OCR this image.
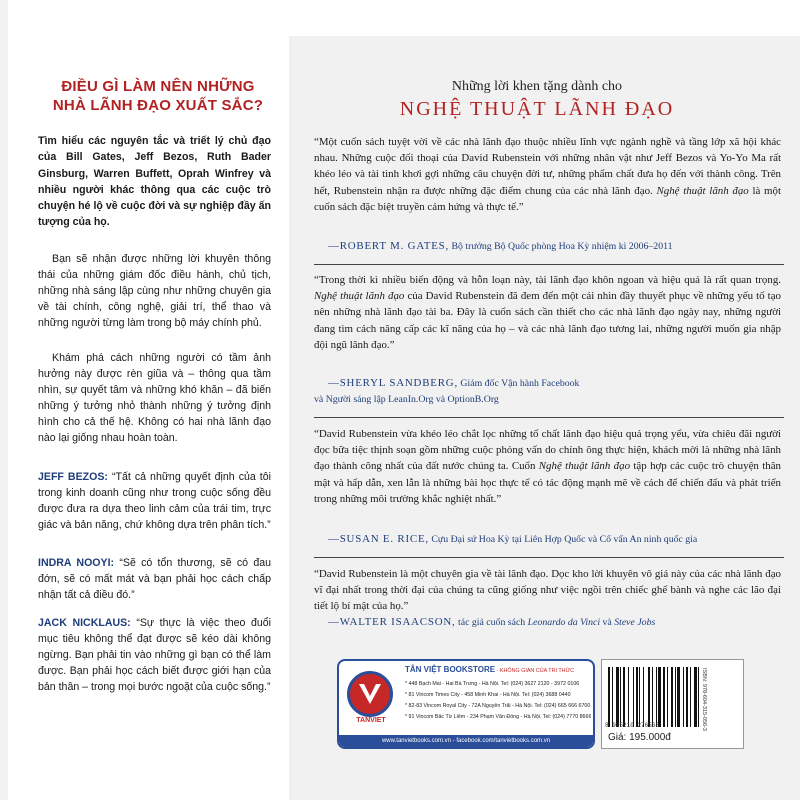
ĐIỀU GÌ LÀM NÊN NHỮNG
NHÀ LÃNH ĐẠO XUẤT SẮC?
Tìm hiểu các nguyên tắc và triết lý chủ đạo của Bill Gates, Jeff Bezos, Ruth Bader Ginsburg, Warren Buffett, Oprah Winfrey và nhiều người khác thông qua các cuộc trò chuyện hé lộ về cuộc đời và sự nghiệp đầy ấn tượng của họ.
Bạn sẽ nhận được những lời khuyên thông thái của những giám đốc điều hành, chủ tịch, những nhà sáng lập cùng như những chuyên gia về tài chính, công nghệ, giải trí, thể thao và những người từng làm trong bộ máy chính phủ.
Khám phá cách những người có tầm ảnh hưởng này được rèn giũa và – thông qua tầm nhìn, sự quyết tâm và những khó khăn – đã biến những ý tưởng nhỏ thành những ý tưởng định hình cho cả thế hệ. Không có hai nhà lãnh đạo nào lại giống nhau hoàn toàn.
JEFF BEZOS: “Tất cả những quyết định của tôi trong kinh doanh cũng như trong cuộc sống đều được đưa ra dựa theo linh cảm của trái tim, trực giác và bản năng, chứ không dựa trên phân tích.”
INDRA NOOYI: “Sẽ có tổn thương, sẽ có đau đớn, sẽ có mất mát và bạn phải học cách chấp nhận tất cả điều đó.”
JACK NICKLAUS: “Sự thực là việc theo đuổi mục tiêu không thể đạt được sẽ kéo dài không ngừng. Bạn phải tin vào những gì bạn có thể làm được. Bạn phải học cách biết được giới hạn của bản thân – trong mọi bước ngoặt của cuộc sống.”
Những lời khen tặng dành cho
NGHỆ THUẬT LÃNH ĐẠO
“Một cuốn sách tuyệt vời về các nhà lãnh đạo thuộc nhiều lĩnh vực ngành nghề và tầng lớp xã hội khác nhau. Những cuộc đối thoại của David Rubenstein với những nhân vật như Jeff Bezos và Yo-Yo Ma rất khéo léo và tài tình khơi gợi những câu chuyện đời tư, những phẩm chất đưa họ đến với thành công. Trên hết, Rubenstein nhận ra được những đặc điểm chung của các nhà lãnh đạo. Nghệ thuật lãnh đạo là một cuốn sách đặc biệt truyền cảm hứng và thực tế.”
—ROBERT M. GATES, Bộ trưởng Bộ Quốc phòng Hoa Kỳ nhiệm kì 2006–2011
“Trong thời kì nhiều biến động và hỗn loạn này, tài lãnh đạo khôn ngoan và hiệu quả là rất quan trọng. Nghệ thuật lãnh đạo của David Rubenstein đã đem đến một cái nhìn đầy thuyết phục về những yếu tố tạo nên những nhà lãnh đạo tài ba. Đây là cuốn sách cần thiết cho các nhà lãnh đạo ngày nay, những người đang tìm cách nâng cấp các kĩ năng của họ – và các nhà lãnh đạo tương lai, những người muốn gia nhập đội ngũ lãnh đạo.”
—SHERYL SANDBERG, Giám đốc Vận hành Facebook
và Người sáng lập LeanIn.Org và OptionB.Org
“David Rubenstein vừa khéo léo chắt lọc những tố chất lãnh đạo hiệu quả trọng yếu, vừa chiêu đãi người đọc bữa tiệc thịnh soạn gồm những cuộc phỏng vấn do chính ông thực hiện, khách mời là những nhà lãnh đạo thành công nhất của đất nước chúng ta. Cuốn Nghệ thuật lãnh đạo tập hợp các cuộc trò chuyện thân mật và hấp dẫn, xen lẫn là những bài học thực tế có tác động mạnh mẽ về cách để chiến đấu và phát triển trong những môi trường khắc nghiệt nhất.”
—SUSAN E. RICE, Cựu Đại sứ Hoa Kỳ tại Liên Hợp Quốc và Cố vấn An ninh quốc gia
“David Rubenstein là một chuyên gia về tài lãnh đạo. Dọc kho lời khuyên vô giá này của các nhà lãnh đạo vĩ đại nhất trong thời đại của chúng ta cũng giống như việc ngồi trên chiếc ghế bành và nghe các lão đại tiết lộ bí mật của họ.”
—WALTER ISAACSON, tác giả cuốn sách Leonardo da Vinci và Steve Jobs
TANVIET
TÂN VIỆT BOOKSTORE - KHÔNG GIAN CỦA TRI THỨC
* 448 Bạch Mai - Hai Bà Trưng - Hà Nội. Tel: (024) 3627 2120 - 3972 0106
* 81 Vincom Times City - 458 Minh Khai - Hà Nội. Tel: (024) 3688 0440
* 82-83 Vincom Royal City - 72A Nguyễn Trãi - Hà Nội. Tel: (024) 665 666 6700
* 91 Vincom Bắc Từ Liêm - 234 Phạm Văn Đồng - Hà Nội. Tel: (024) 7770 8666
www.tanvietbooks.com.vn - facebook.com/tanvietbooks.com.vn
ISBN: 978-604-315-056-3
8 935210 276568
Giá: 195.000đ
